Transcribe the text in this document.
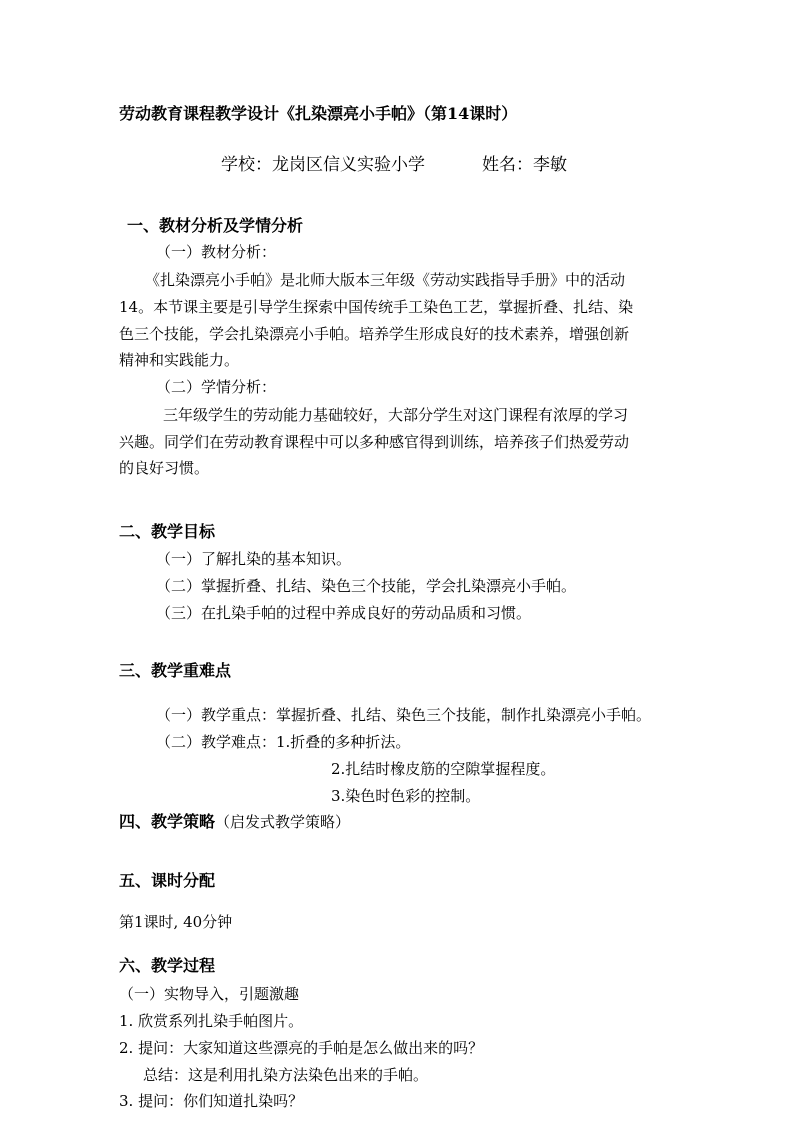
劳动教育课程教学设计《扎染漂亮小手帕》（第14课时）
学校：龙岗区信义实验小学	姓名：李敏
一、教材分析及学情分析
（一）教材分析：
《扎染漂亮小手帕》是北师大版本三年级《劳动实践指导手册》中的活动
14。本节课主要是引导学生探索中国传统手工染色工艺，掌握折叠、扎结、染
色三个技能，学会扎染漂亮小手帕。培养学生形成良好的技术素养，增强创新
精神和实践能力。
（二）学情分析：
三年级学生的劳动能力基础较好，大部分学生对这门课程有浓厚的学习
兴趣。同学们在劳动教育课程中可以多种感官得到训练，培养孩子们热爱劳动
的良好习惯。
二、教学目标
（一）了解扎染的基本知识。
（二）掌握折叠、扎结、染色三个技能，学会扎染漂亮小手帕。
（三）在扎染手帕的过程中养成良好的劳动品质和习惯。
三、教学重难点
（一）教学重点：掌握折叠、扎结、染色三个技能，制作扎染漂亮小手帕。
（二）教学难点：1.折叠的多种折法。
2.扎结时橡皮筋的空隙掌握程度。
3.染色时色彩的控制。
四、教学策略（启发式教学策略）
五、课时分配
第1课时, 40分钟
六、教学过程
（一）实物导入，引题激趣
1. 欣赏系列扎染手帕图片。
2. 提问：大家知道这些漂亮的手帕是怎么做出来的吗？
总结：这是利用扎染方法染色出来的手帕。
3. 提问：你们知道扎染吗？
